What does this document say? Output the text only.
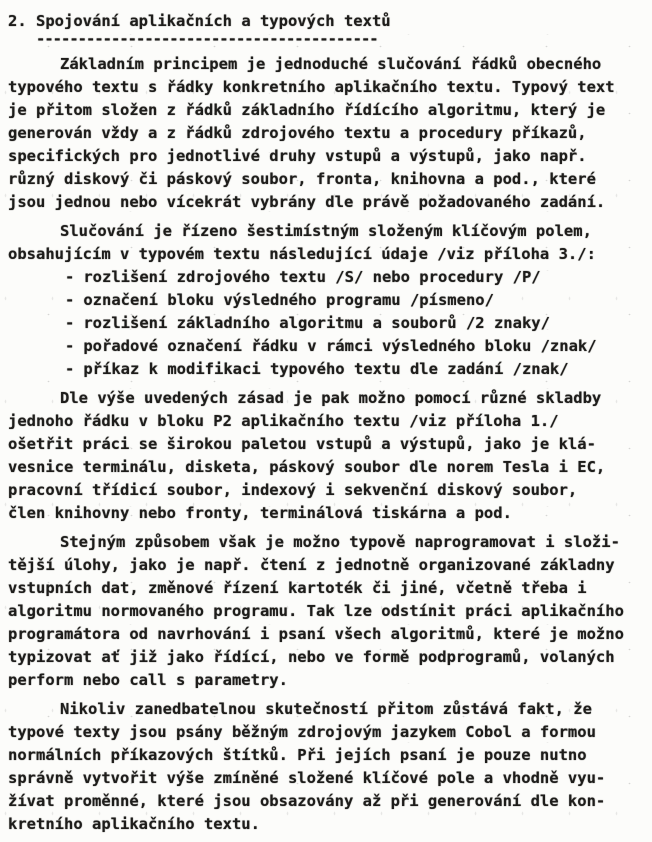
2. Spojování aplikačních a typových textů
-----------------------------------------
Základním principem je jednoduché slučování řádků obecného
typového textu s řádky konkretního aplikačního textu. Typový text
je přitom složen z řádků základního řídícího algoritmu, který je
generován vždy a z řádků zdrojového textu a procedury příkazů,
specifických pro jednotlivé druhy vstupů a výstupů, jako např.
různý diskový či páskový soubor, fronta, knihovna a pod., které
jsou jednou nebo vícekrát vybrány dle právě požadovaného zadání.
Slučování je řízeno šestimístným složeným klíčovým polem,
obsahujícím v typovém textu následující údaje /viz příloha 3./:
- rozlišení zdrojového textu /S/ nebo procedury /P/
- označení bloku výsledného programu /písmeno/
- rozlišení základního algoritmu a souborů /2 znaky/
- pořadové označení řádku v rámci výsledného bloku /znak/
- příkaz k modifikaci typového textu dle zadání /znak/
Dle výše uvedených zásad je pak možno pomocí různé skladby
jednoho řádku v bloku P2 aplikačního textu /viz příloha 1./
ošetřit práci se širokou paletou vstupů a výstupů, jako je klá-
vesnice terminálu, disketa, páskový soubor dle norem Tesla i EC,
pracovní třídicí soubor, indexový i sekvenční diskový soubor,
člen knihovny nebo fronty, terminálová tiskárna a pod.
Stejným způsobem však je možno typově naprogramovat i složi-
tější úlohy, jako je např. čtení z jednotně organizované základny
vstupních dat, změnové řízení kartoték či jiné, včetně třeba i
algoritmu normovaného programu. Tak lze odstínit práci aplikačního
programátora od navrhování i psaní všech algoritmů, které je možno
typizovat ať již jako řídící, nebo ve formě podprogramů, volaných
perform nebo call s parametry.
Nikoliv zanedbatelnou skutečností přitom zůstává fakt, že
typové texty jsou psány běžným zdrojovým jazykem Cobol a formou
normálních příkazových štítků. Při jejích psaní je pouze nutno
správně vytvořit výše zmíněné složené klíčové pole a vhodně vyu-
žívat proměnné, které jsou obsazovány až při generování dle kon-
kretního aplikačního textu.
